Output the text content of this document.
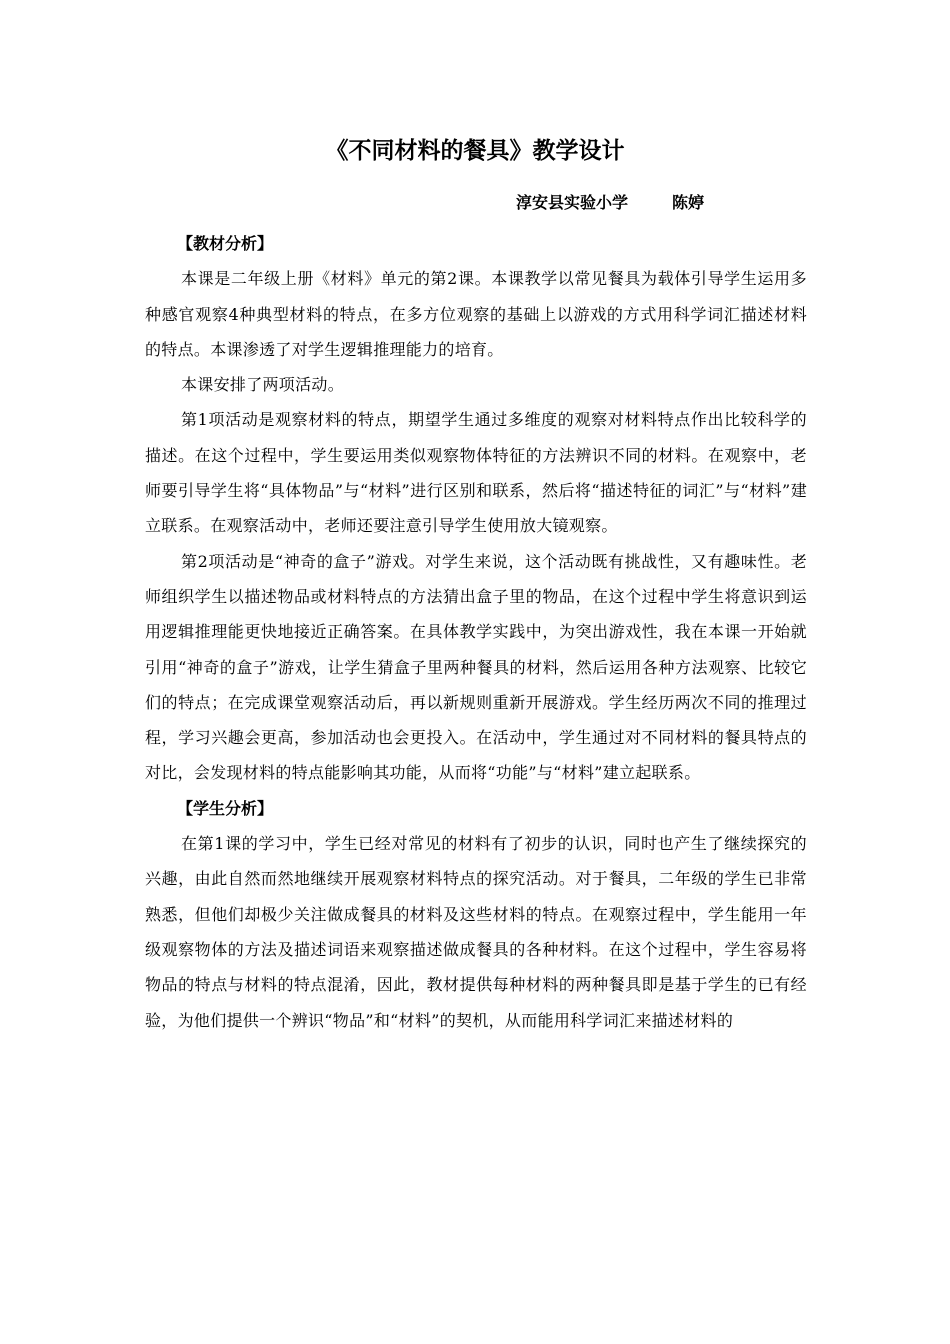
《不同材料的餐具》教学设计
淳安县实验小学	陈婷

【教材分析】

本课是二年级上册《材料》单元的第2课。本课教学以常见餐具为载体引导学生运用多种感官观察4种典型材料的特点，在多方位观察的基础上以游戏的方式用科学词汇描述材料的特点。本课渗透了对学生逻辑推理能力的培育。

本课安排了两项活动。

第1项活动是观察材料的特点，期望学生通过多维度的观察对材料特点作出比较科学的描述。在这个过程中，学生要运用类似观察物体特征的方法辨识不同的材料。在观察中，老师要引导学生将“具体物品”与“材料”进行区别和联系，然后将“描述特征的词汇”与“材料”建立联系。在观察活动中，老师还要注意引导学生使用放大镜观察。

第2项活动是“神奇的盒子”游戏。对学生来说，这个活动既有挑战性，又有趣味性。老师组织学生以描述物品或材料特点的方法猜出盒子里的物品，在这个过程中学生将意识到运用逻辑推理能更快地接近正确答案。在具体教学实践中，为突出游戏性，我在本课一开始就引用“神奇的盒子”游戏，让学生猜盒子里两种餐具的材料，然后运用各种方法观察、比较它们的特点；在完成课堂观察活动后，再以新规则重新开展游戏。学生经历两次不同的推理过程，学习兴趣会更高，参加活动也会更投入。在活动中，学生通过对不同材料的餐具特点的对比，会发现材料的特点能影响其功能，从而将“功能”与“材料”建立起联系。

【学生分析】

在第1课的学习中，学生已经对常见的材料有了初步的认识，同时也产生了继续探究的兴趣，由此自然而然地继续开展观察材料特点的探究活动。对于餐具，二年级的学生已非常熟悉，但他们却极少关注做成餐具的材料及这些材料的特点。在观察过程中，学生能用一年级观察物体的方法及描述词语来观察描述做成餐具的各种材料。在这个过程中，学生容易将物品的特点与材料的特点混淆，因此，教材提供每种材料的两种餐具即是基于学生的已有经验，为他们提供一个辨识“物品”和“材料”的契机，从而能用科学词汇来描述材料的
